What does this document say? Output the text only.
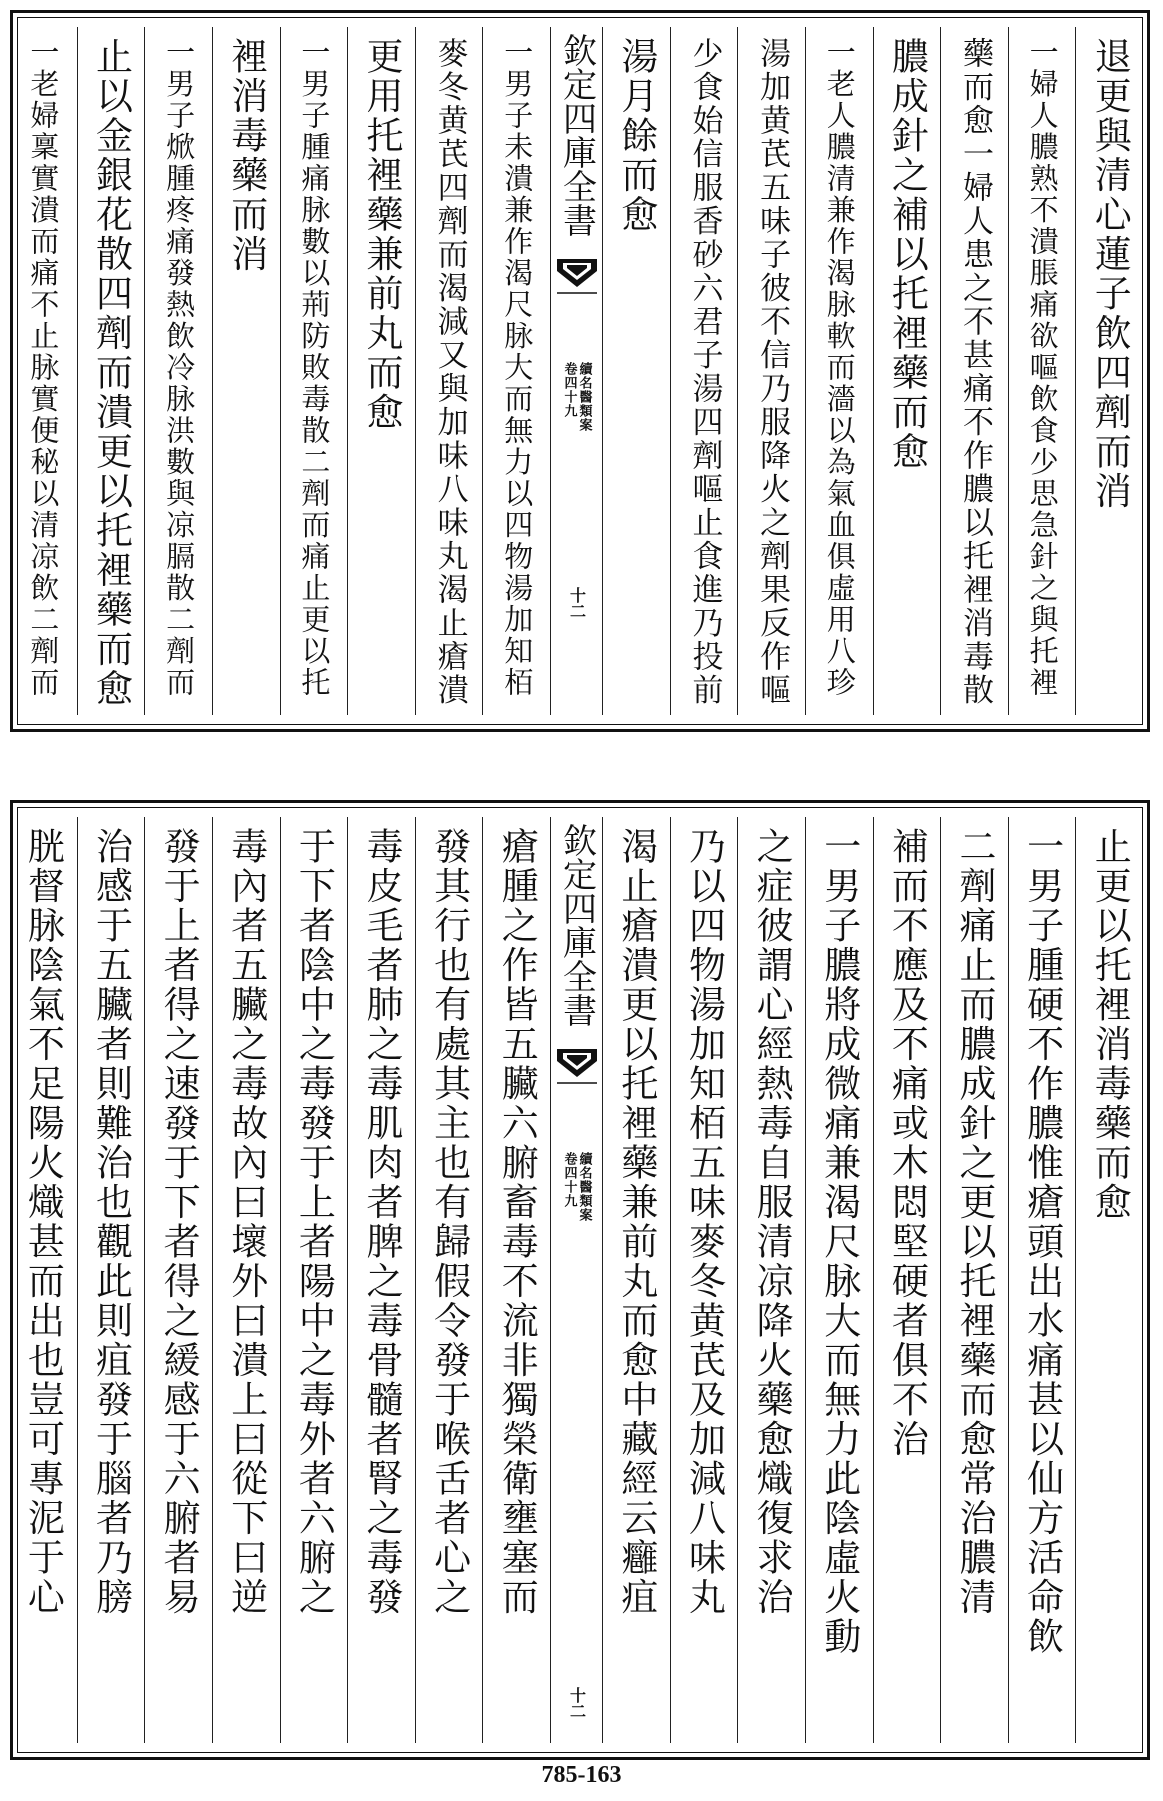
退更與清心蓮子飲四劑而消
一婦人膿熟不潰脹痛欲嘔飲食少思急針之與托裡
藥而愈一婦人患之不甚痛不作膿以托裡消毒散
膿成針之補以托裡藥而愈
一老人膿清兼作渴脉軟而濇以為氣血俱虛用八珍
湯加黄芪五味子彼不信乃服降火之劑果反作嘔
少食始信服香砂六君子湯四劑嘔止食進乃投前
湯月餘而愈
欽定四庫全書
續名醫類案
卷四十九
十二
一男子未潰兼作渴尺脉大而無力以四物湯加知栢
麥冬黄芪四劑而渴減又與加味八味丸渴止瘡潰
更用托裡藥兼前丸而愈
一男子腫痛脉數以荊防敗毒散二劑而痛止更以托
裡消毒藥而消
一男子焮腫疼痛發熱飲冷脉洪數與凉膈散二劑而
止以金銀花散四劑而潰更以托裡藥而愈
一老婦稟實潰而痛不止脉實便秘以清凉飲二劑而
止更以托裡消毒藥而愈
一男子腫硬不作膿惟瘡頭出水痛甚以仙方活命飲
二劑痛止而膿成針之更以托裡藥而愈常治膿清
補而不應及不痛或木悶堅硬者俱不治
一男子膿將成微痛兼渴尺脉大而無力此陰虛火動
之症彼謂心經熱毒自服清凉降火藥愈熾復求治
乃以四物湯加知栢五味麥冬黄芪及加減八味丸
渴止瘡潰更以托裡藥兼前丸而愈中藏經云癰疽
欽定四庫全書
續名醫類案
卷四十九
十二
瘡腫之作皆五臟六腑畜毒不流非獨榮衛壅塞而
發其行也有處其主也有歸假令發于喉舌者心之
毒皮毛者肺之毒肌肉者脾之毒骨髓者腎之毒發
于下者陰中之毒發于上者陽中之毒外者六腑之
毒內者五臟之毒故內曰壞外曰潰上曰從下曰逆
發于上者得之速發于下者得之緩感于六腑者易
治感于五臟者則難治也觀此則疽發于腦者乃膀
胱督脉陰氣不足陽火熾甚而出也豈可專泥于心
785-163
